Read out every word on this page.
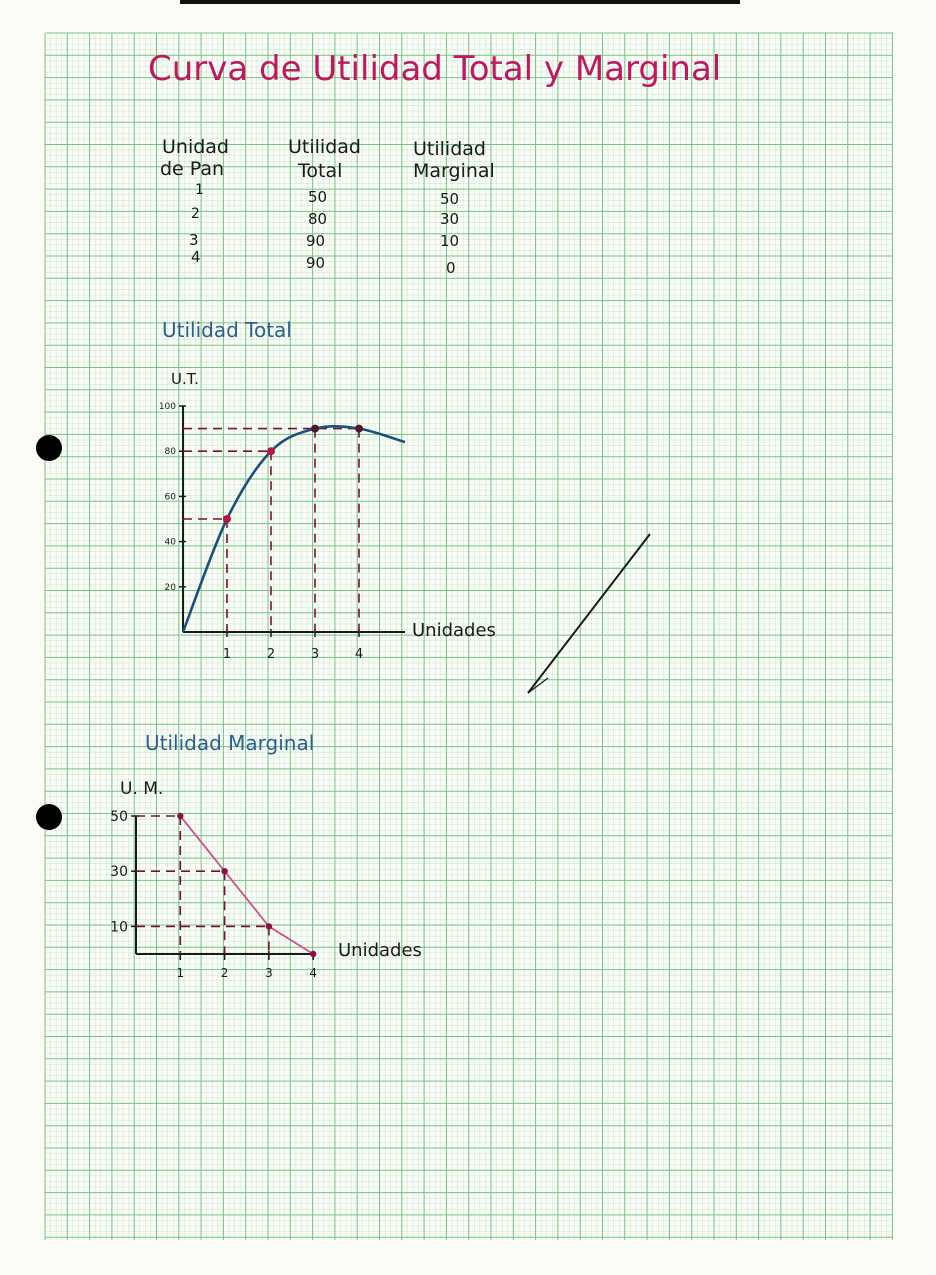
Curva de Utilidad Total y Marginal
Unidad
de Pan
Utilidad
Total
Utilidad
Marginal
1	50	50
2	80	30
3	90	10
4	90	0
Utilidad Total
20
40
60
80
100
1	2	3	4
U.T.
Unidades
Utilidad Marginal
50
30
10
1	2	3	4
U. M.
Unidades
